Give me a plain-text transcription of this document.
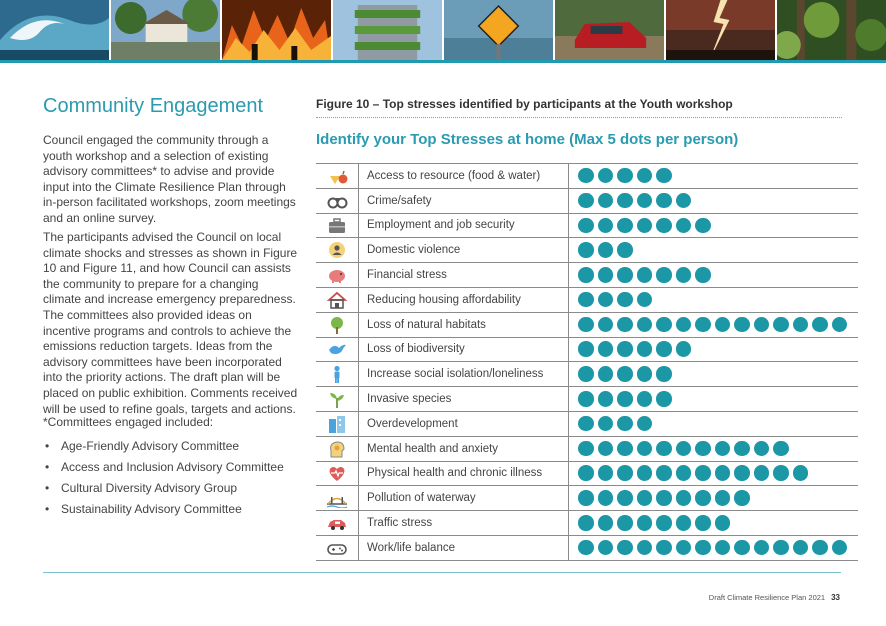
Community Engagement

Council engaged the community through a youth workshop and a selection of existing advisory committees* to advise and provide input into the Climate Resilience Plan through in-person facilitated workshops, zoom meetings and an online survey.

The participants advised the Council on local climate shocks and stresses as shown in Figure 10 and Figure 11, and how Council can assists the community to prepare for a changing climate and increase emergency preparedness. The committees also provided ideas on incentive programs and controls to achieve the emissions reduction targets. Ideas from the advisory committees have been incorporated into the priority actions. The draft plan will be placed on public exhibition. Comments received will be used to refine goals, targets and actions.

*Committees engaged included:

• Age-Friendly Advisory Committee
• Access and Inclusion Advisory Committee
• Cultural Diversity Advisory Group
• Sustainability Advisory Committee
Figure 10 – Top stresses identified by participants at the Youth workshop
Identify your Top Stresses at home (Max 5 dots per person)
	Access to resource (food & water)	
	Crime/safety	
	Employment and job security	
	Domestic violence	
	Financial stress	
	Reducing housing affordability	
	Loss of natural habitats	
	Loss of biodiversity	
	Increase social isolation/loneliness	
	Invasive species	
	Overdevelopment	
	Mental health and anxiety	
	Physical health and chronic illness	
	Pollution of waterway	
	Traffic stress	
	Work/life balance	
Draft Climate Resilience Plan 2021 33
